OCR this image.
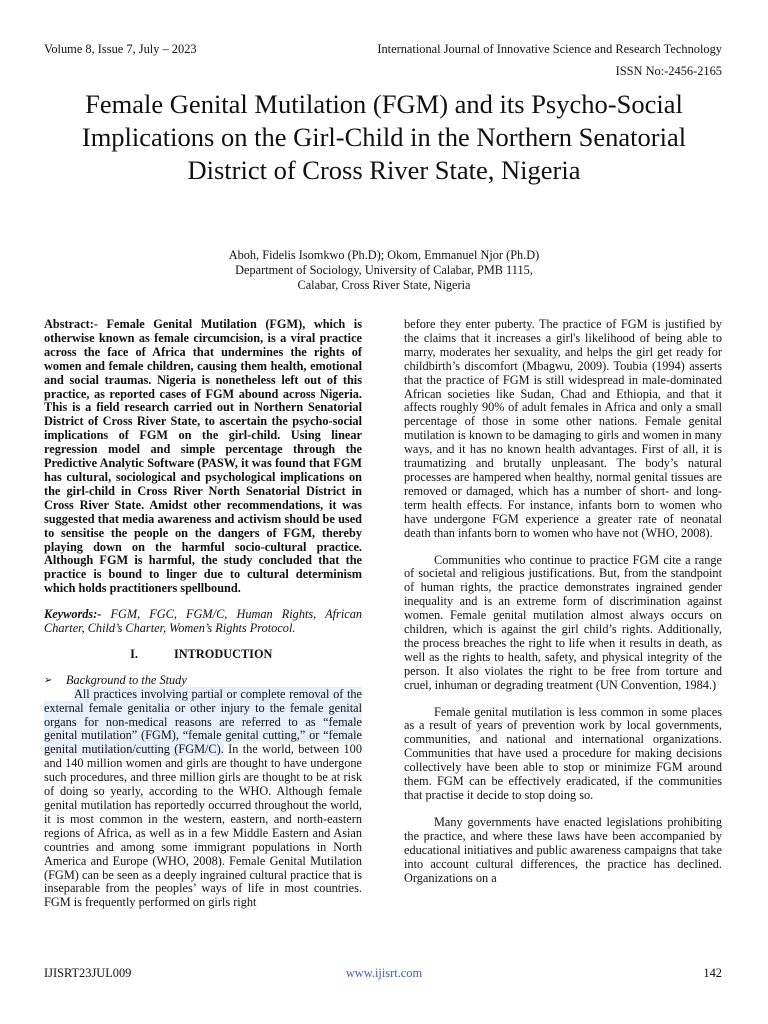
Volume 8, Issue 7, July – 2023	International Journal of Innovative Science and Research Technology
ISSN No:-2456-2165
Female Genital Mutilation (FGM) and its Psycho-Social Implications on the Girl-Child in the Northern Senatorial District of Cross River State, Nigeria
Aboh, Fidelis Isomkwo (Ph.D); Okom, Emmanuel Njor (Ph.D)
Department of Sociology, University of Calabar, PMB 1115,
Calabar, Cross River State, Nigeria

Abstract:- Female Genital Mutilation (FGM), which is otherwise known as female circumcision, is a viral practice across the face of Africa that undermines the rights of women and female children, causing them health, emotional and social traumas. Nigeria is nonetheless left out of this practice, as reported cases of FGM abound across Nigeria. This is a field research carried out in Northern Senatorial District of Cross River State, to ascertain the psycho-social implications of FGM on the girl-child. Using linear regression model and simple percentage through the Predictive Analytic Software (PASW, it was found that FGM has cultural, sociological and psychological implications on the girl-child in Cross River North Senatorial District in Cross River State. Amidst other recommendations, it was suggested that media awareness and activism should be used to sensitise the people on the dangers of FGM, thereby playing down on the harmful socio-cultural practice. Although FGM is harmful, the study concluded that the practice is bound to linger due to cultural determinism which holds practitioners spellbound.

Keywords:- FGM, FGC, FGM/C, Human Rights, African Charter, Child’s Charter, Women’s Rights Protocol.

I.	INTRODUCTION
➢	Background to the Study

All practices involving partial or complete removal of the external female genitalia or other injury to the female genital organs for non-medical reasons are referred to as “female genital mutilation” (FGM), “female genital cutting,” or “female genital mutilation/cutting (FGM/C). In the world, between 100 and 140 million women and girls are thought to have undergone such procedures, and three million girls are thought to be at risk of doing so yearly, according to the WHO. Although female genital mutilation has reportedly occurred throughout the world, it is most common in the western, eastern, and north-eastern regions of Africa, as well as in a few Middle Eastern and Asian countries and among some immigrant populations in North America and Europe (WHO, 2008). Female Genital Mutilation (FGM) can be seen as a deeply ingrained cultural practice that is inseparable from the peoples’ ways of life in most countries. FGM is frequently performed on girls right

before they enter puberty. The practice of FGM is justified by the claims that it increases a girl's likelihood of being able to marry, moderates her sexuality, and helps the girl get ready for childbirth’s discomfort (Mbagwu, 2009). Toubia (1994) asserts that the practice of FGM is still widespread in male-dominated African societies like Sudan, Chad and Ethiopia, and that it affects roughly 90% of adult females in Africa and only a small percentage of those in some other nations. Female genital mutilation is known to be damaging to girls and women in many ways, and it has no known health advantages. First of all, it is traumatizing and brutally unpleasant. The body’s natural processes are hampered when healthy, normal genital tissues are removed or damaged, which has a number of short- and long-term health effects. For instance, infants born to women who have undergone FGM experience a greater rate of neonatal death than infants born to women who have not (WHO, 2008).

Communities who continue to practice FGM cite a range of societal and religious justifications. But, from the standpoint of human rights, the practice demonstrates ingrained gender inequality and is an extreme form of discrimination against women. Female genital mutilation almost always occurs on children, which is against the girl child’s rights. Additionally, the process breaches the right to life when it results in death, as well as the rights to health, safety, and physical integrity of the person. It also violates the right to be free from torture and cruel, inhuman or degrading treatment (UN Convention, 1984.)

Female genital mutilation is less common in some places as a result of years of prevention work by local governments, communities, and national and international organizations. Communities that have used a procedure for making decisions collectively have been able to stop or minimize FGM around them. FGM can be effectively eradicated, if the communities that practise it decide to stop doing so.

Many governments have enacted legislations prohibiting the practice, and where these laws have been accompanied by educational initiatives and public awareness campaigns that take into account cultural differences, the practice has declined. Organizations on a

IJISRT23JUL009	www.ijisrt.com	142
